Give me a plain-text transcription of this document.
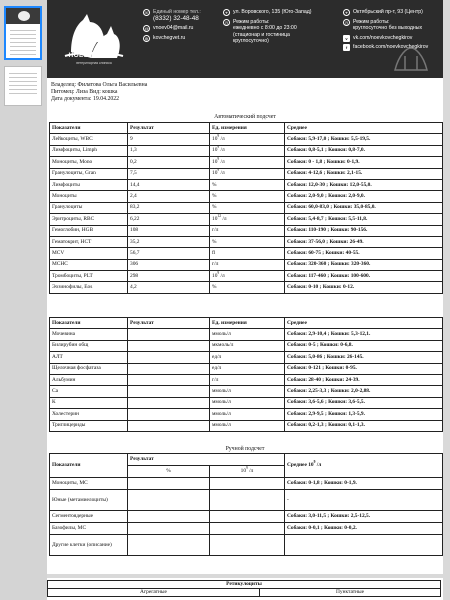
НОЕВ КОВЧЕГ
ветеринарная клиника
☏ Единый номер тел.:
(8332) 32-48-48
@ vnoev04@mail.ru
◍ kovchegvet.ru
⌖	ул. Воровского, 135 (Юго-Запад)
◷ Режим работы:
ежедневно с 8:00 до 23:00
(стационар и гостиница
круглосуточно)
⌖	Октябрьский пр-т, 93 (Центр)
◷ Режим работы:
круглосуточно без выходных
v	vk.com/noevkovchegkirov
f	facebook.com/noevkovchegkirov
Владелец: Филатова Ольга Васильевна
Питомец: Лиза Вид: кошка
Дата документа: 19.04.2022
Автоматический подсчет
Показатели	Результат	Ед. измерения	Среднее
Лейкоциты, WBC	9	$10^9$ /л	Собаки: 5,9-17,0 ; Кошки: 5,5-19,5.
Лимфоциты, Limph	1,3	$10^9$ /л	Собаки: 0,8-5,1 ; Кошки: 0,8-7,0.
Моноциты, Mono	0,2	$10^9$ /л	Собаки: 0 - 1,8 ; Кошки: 0-1,9.
Гранулоциты, Gran	7,5	$10^9$ /л	Собаки: 4-12,6 ; Кошки: 2,1-15.
Лимфоциты	14,4	%	Собаки: 12,0-30 ; Кошки: 12,0-55,0.
Моноциты	2,4	%	Собаки: 2,0-9,0 ; Кошки: 2,0-9,0.
Гранулоциты	83,2	%	Собаки: 60,0-83,0 ; Кошки: 35,0-85,0.
Эритроциты, RBC	6,22	$10^{12}$ /л	Собаки: 5,4-8,7 ; Кошки: 5,5-11,8.
Гемоглобин, HGB	108	г/л	Собаки: 110-190 ; Кошки: 90-156.
Гематокрит, HCT	35,2	%	Собаки: 37-56,0 ; Кошки: 26-49.
MCV	56,7	fl	Собаки: 60-75 ; Кошки: 40-55.
MCHC	306	г/л	Собаки: 320-360 ; Кошки: 320-360.
Тромбоциты, PLT	298	$10^9$ /л	Собаки: 117-460 ; Кошки: 100-600.
Эозинофилы, Eos	4,2	%	Собаки: 0-10 ; Кошки: 0-12.
Показатели	Результат	Ед. измерения	Среднее
Мочевина		ммоль/л	Собаки: 2,9-10,4 ; Кошки: 5,3-12,1.
Билирубин общ		мкмоль/л	Собаки: 0-5 ; Кошки: 0-6,8.
АЛТ		ед/л	Собаки: 5,0-86 ; Кошки: 26-145.
Щелочная фосфатаза		ед/л	Собаки: 0-121 ; Кошки: 0-95.
Альбумин		г/л	Собаки: 28-40 ; Кошки: 24-39.
Ca		ммоль/л	Собаки: 2,25-3,3 ; Кошки: 2,0-2,88.
К		ммоль/л	Собаки: 3,6-5,6 ; Кошки: 3,6-5,5.
Холестерин		ммоль/л	Собаки: 2,9-9,5 ; Кошки: 1,3-5,9.
Триглицериды		ммоль/л	Собаки: 0,2-1,3 ; Кошки: 0,1-1,3.
Ручной подсчет
Показатели	Результат		Среднее $10^9$ /л
	%	$10^9$ /л	
Моноциты, МС			Собаки: 0-1,8 ; Кошки: 0-1,9.
Юные (метамиелоциты)			-
Сегментоядерные			Собаки: 3,0-11,5 ; Кошки: 2,5-12,5.
Базофилы, МС			Собаки: 0-0,1 ; Кошки: 0-0,2.
Другие клетки (описание)			
Ретикулоциты
Агрегатные	Пунктатные
